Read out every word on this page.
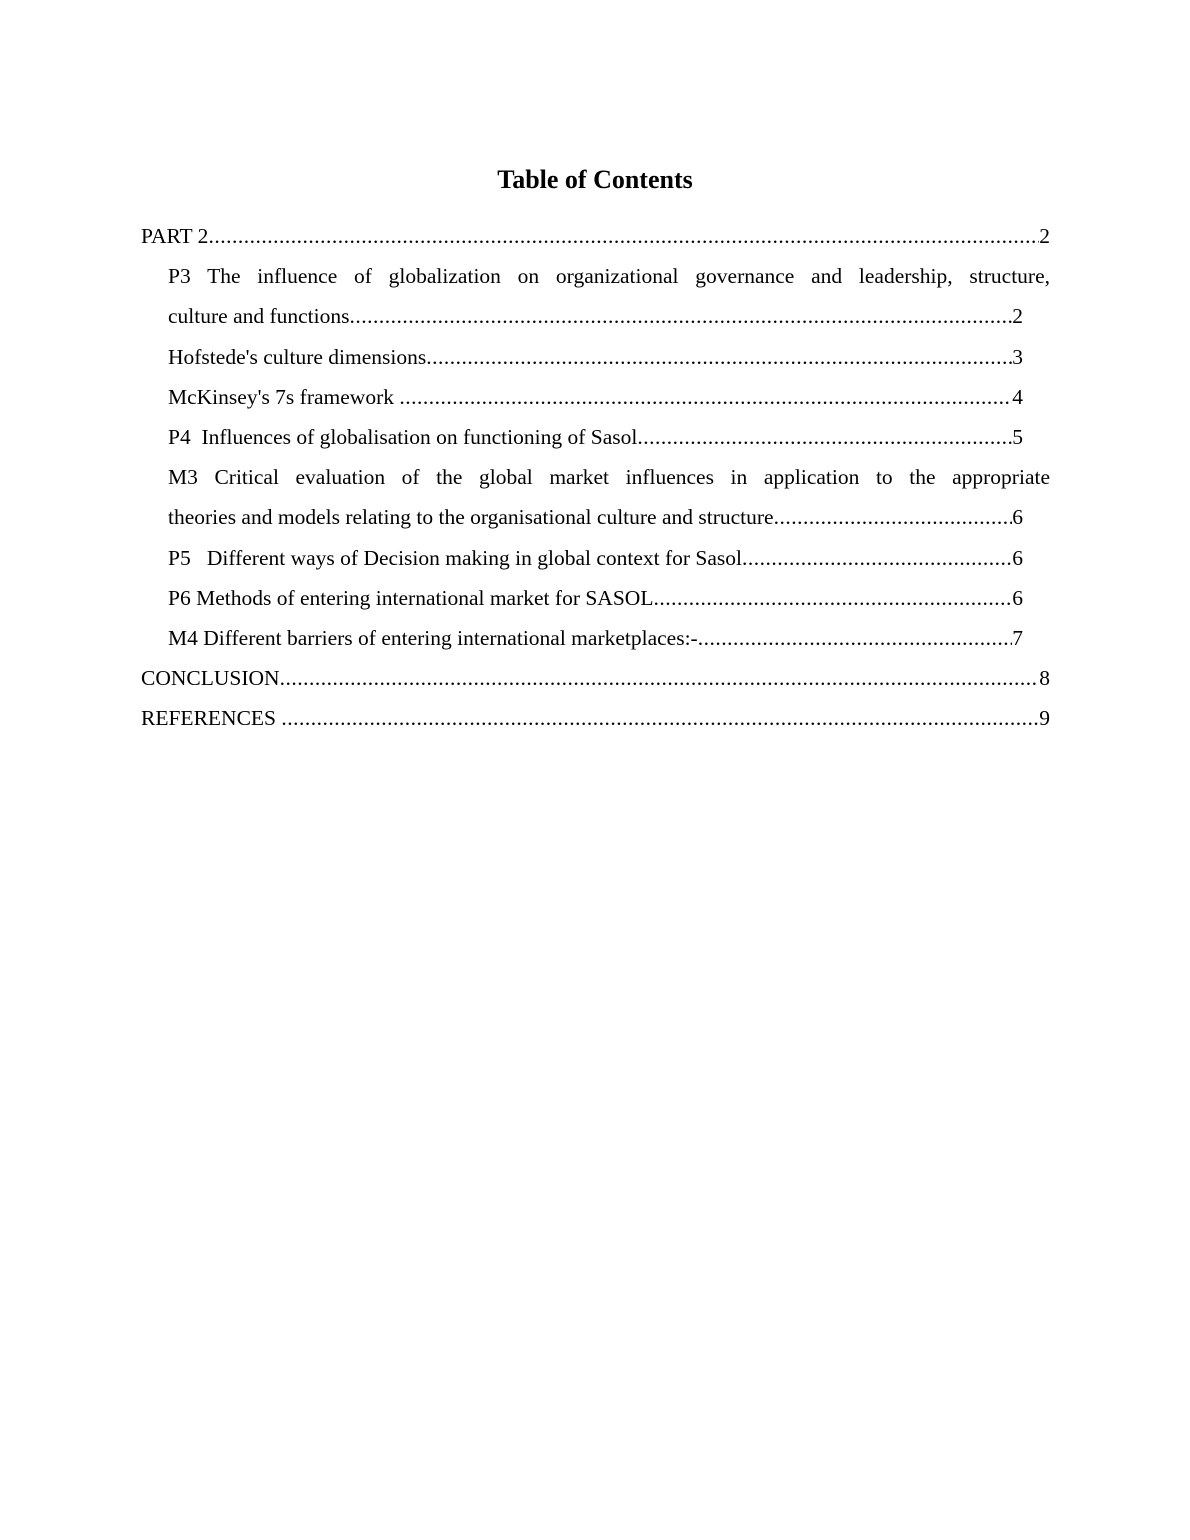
Table of Contents
PART 2 .....	2
P3 The influence of globalization on organizational governance and leadership, structure,
culture and functions .....	2
Hofstede's culture dimensions .....	3
McKinsey's 7s framework .....	4
P4  Influences of globalisation on functioning of Sasol .....	5
M3 Critical evaluation of the global market influences in application to the appropriate
theories and models relating to the organisational culture and structure .....	6
P5   Different ways of Decision making in global context for Sasol .....	6
P6 Methods of entering international market for SASOL .....	6
M4 Different barriers of entering international marketplaces:- .....	7
CONCLUSION .....	8
REFERENCES .....	9
